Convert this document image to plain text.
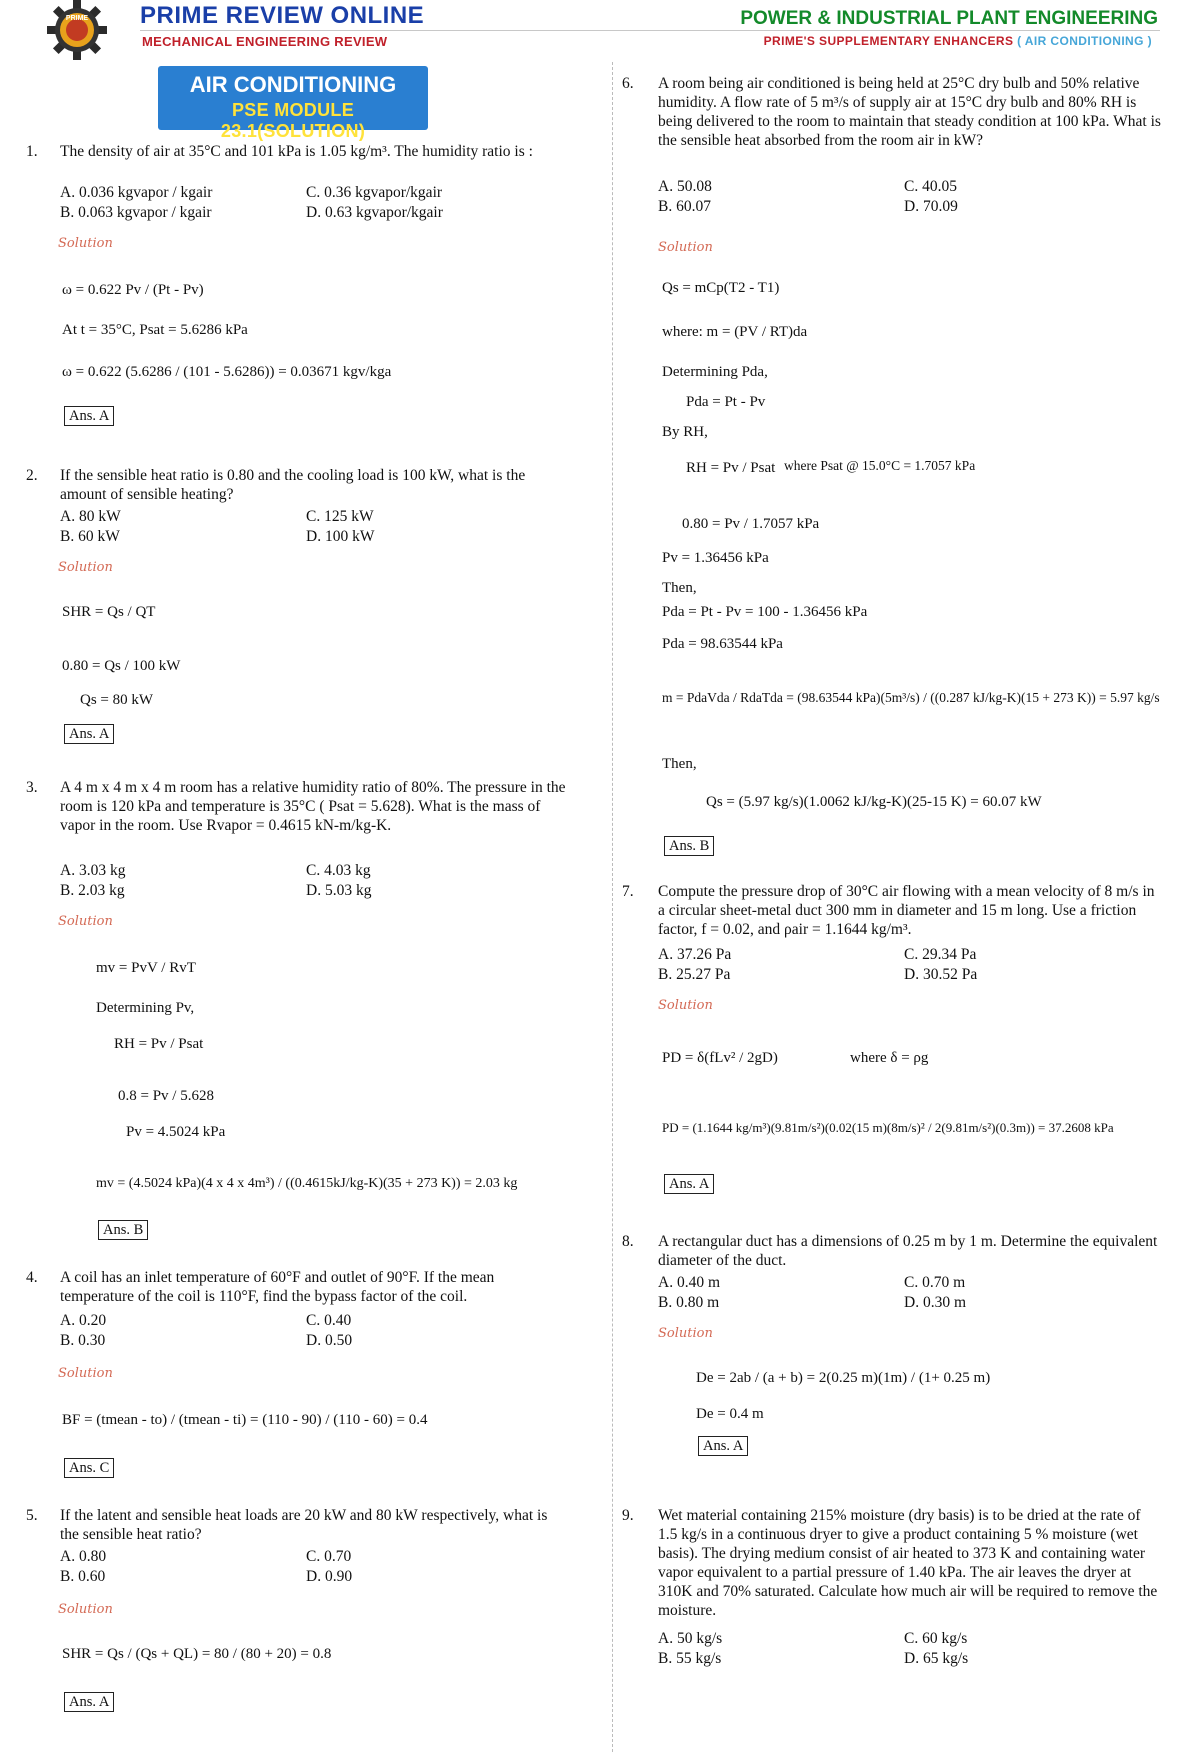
PRIME PRIME REVIEW ONLINE
MECHANICAL ENGINEERING REVIEW
POWER & INDUSTRIAL PLANT ENGINEERING
PRIME'S SUPPLEMENTARY ENHANCERS ( AIR CONDITIONING )
AIR CONDITIONING
PSE MODULE 23.1(SOLUTION)
1.	The density of air at 35°C and 101 kPa is 1.05 kg/m³. The humidity ratio is :
A. 0.036 kgvapor / kgair
B. 0.063 kgvapor / kgair
C. 0.36 kgvapor/kgair
D. 0.63 kgvapor/kgair
Solution
ω = 0.622 Pv / (Pt - Pv)
At t = 35°C, Psat = 5.6286 kPa
ω = 0.622 (5.6286 / (101 - 5.6286)) = 0.03671 kgv/kga
Ans. A
2.	If the sensible heat ratio is 0.80 and the cooling load is 100 kW, what is the amount of sensible heating?
A. 80 kW
B. 60 kW
C. 125 kW
D. 100 kW
Solution
SHR = Qs / QT
0.80 = Qs / 100 kW
Qs = 80 kW
Ans. A
3.	A 4 m x 4 m x 4 m room has a relative humidity ratio of 80%. The pressure in the room is 120 kPa and temperature is 35°C ( Psat = 5.628). What is the mass of vapor in the room. Use Rvapor = 0.4615 kN-m/kg-K.
A. 3.03 kg
B. 2.03 kg
C. 4.03 kg
D. 5.03 kg
Solution
mv = PvV / RvT
Determining Pv,
RH = Pv / Psat
0.8 = Pv / 5.628
Pv = 4.5024 kPa
mv = (4.5024 kPa)(4 x 4 x 4m³) / ((0.4615kJ/kg-K)(35 + 273 K)) = 2.03 kg
Ans. B
4.	A coil has an inlet temperature of 60°F and outlet of 90°F. If the mean temperature of the coil is 110°F, find the bypass factor of the coil.
A. 0.20
B. 0.30
C. 0.40
D. 0.50
Solution
BF = (tmean - to) / (tmean - ti) = (110 - 90) / (110 - 60) = 0.4
Ans. C
5.	If the latent and sensible heat loads are 20 kW and 80 kW respectively, what is the sensible heat ratio?
A. 0.80
B. 0.60
C. 0.70
D. 0.90
Solution
SHR = Qs / (Qs + QL) = 80 / (80 + 20) = 0.8
Ans. A
6.	A room being air conditioned is being held at 25°C dry bulb and 50% relative humidity. A flow rate of 5 m³/s of supply air at 15°C dry bulb and 80% RH is being delivered to the room to maintain that steady condition at 100 kPa. What is the sensible heat absorbed from the room air in kW?
A. 50.08
B. 60.07
C. 40.05
D. 70.09
Solution
Qs = mCp(T2 - T1)
where: m = (PV / RT)da
Determining Pda,
Pda = Pt - Pv
By RH,
RH = Pv / Psat where Psat @ 15.0°C = 1.7057 kPa
0.80 = Pv / 1.7057 kPa
Pv = 1.36456 kPa
Then,
Pda = Pt - Pv = 100 - 1.36456 kPa
Pda = 98.63544 kPa
m = PdaVda / RdaTda = (98.63544 kPa)(5m³/s) / ((0.287 kJ/kg-K)(15 + 273 K)) = 5.97 kg/s
Then,
Qs = (5.97 kg/s)(1.0062 kJ/kg-K)(25-15 K) = 60.07 kW
Ans. B
7.	Compute the pressure drop of 30°C air flowing with a mean velocity of 8 m/s in a circular sheet-metal duct 300 mm in diameter and 15 m long. Use a friction factor, f = 0.02, and ρair = 1.1644 kg/m³.
A. 37.26 Pa
B. 25.27 Pa
C. 29.34 Pa
D. 30.52 Pa
Solution
PD = δ(fLv² / 2gD)	where δ = ρg
PD = (1.1644 kg/m³)(9.81m/s²)(0.02(15 m)(8m/s)² / 2(9.81m/s²)(0.3m)) = 37.2608 kPa
Ans. A
8.	A rectangular duct has a dimensions of 0.25 m by 1 m. Determine the equivalent diameter of the duct.
A. 0.40 m
B. 0.80 m
C. 0.70 m
D. 0.30 m
Solution
De = 2ab / (a + b) = 2(0.25 m)(1m) / (1+ 0.25 m)
De = 0.4 m
Ans. A
9.	Wet material containing 215% moisture (dry basis) is to be dried at the rate of 1.5 kg/s in a continuous dryer to give a product containing 5 % moisture (wet basis). The drying medium consist of air heated to 373 K and containing water vapor equivalent to a partial pressure of 1.40 kPa. The air leaves the dryer at 310K and 70% saturated. Calculate how much air will be required to remove the moisture.
A. 50 kg/s
B. 55 kg/s
C. 60 kg/s
D. 65 kg/s
